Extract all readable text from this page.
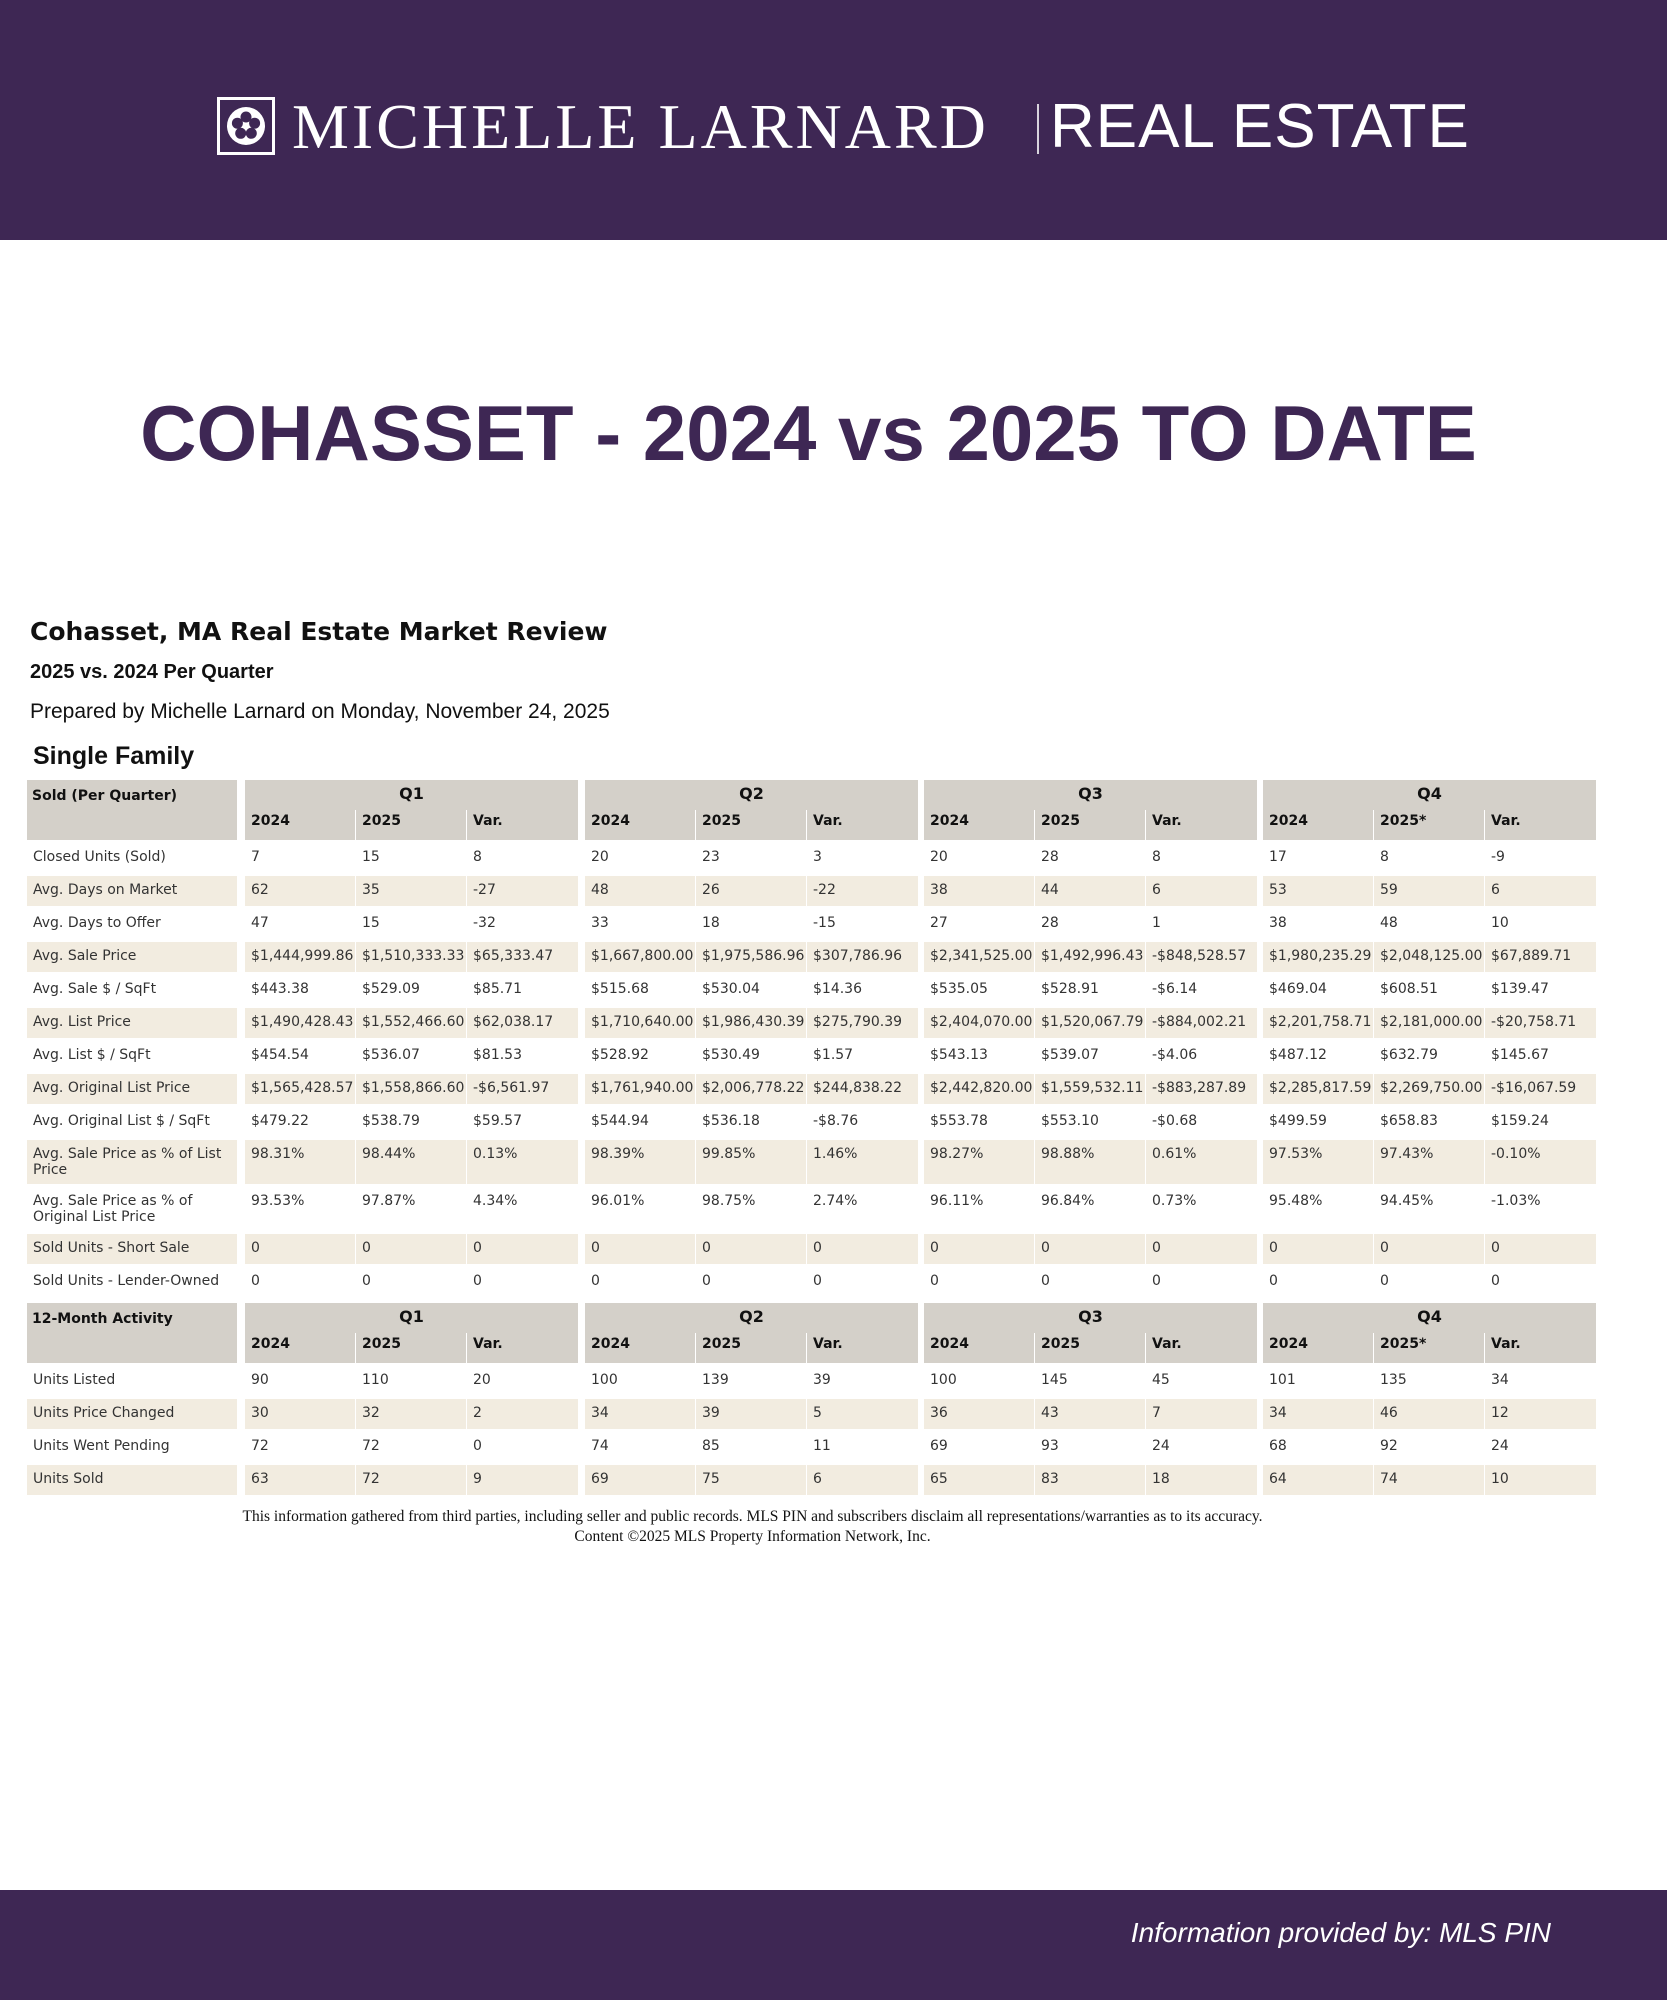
MICHELLE LARNARD REAL ESTATE
COHASSET - 2024 vs 2025 TO DATE
Cohasset, MA Real Estate Market Review
2025 vs. 2024 Per Quarter
Prepared by Michelle Larnard on Monday, November 24, 2025
Single Family
Sold (Per Quarter)	Q1
2024	2025	Var.
Q2
2024	2025	Var.
Q3
2024	2025	Var.
Q4
2024	2025*	Var.
Closed Units (Sold)	7	15	8	20	23	3	20	28	8	17	8	-9
Avg. Days on Market	62	35	-27	48	26	-22	38	44	6	53	59	6
Avg. Days to Offer	47	15	-32	33	18	-15	27	28	1	38	48	10
Avg. Sale Price	$1,444,999.86 $1,510,333.33 $65,333.47	$1,667,800.00 $1,975,586.96 $307,786.96	$2,341,525.00 $1,492,996.43 -$848,528.57	$1,980,235.29 $2,048,125.00 $67,889.71
Avg. Sale $ / SqFt	$443.38	$529.09	$85.71	$515.68	$530.04	$14.36	$535.05	$528.91	-$6.14	$469.04	$608.51	$139.47
Avg. List Price	$1,490,428.43 $1,552,466.60 $62,038.17	$1,710,640.00 $1,986,430.39 $275,790.39	$2,404,070.00 $1,520,067.79 -$884,002.21	$2,201,758.71 $2,181,000.00 -$20,758.71
Avg. List $ / SqFt	$454.54	$536.07	$81.53	$528.92	$530.49	$1.57	$543.13	$539.07	-$4.06	$487.12	$632.79	$145.67
Avg. Original List Price	$1,565,428.57 $1,558,866.60 -$6,561.97	$1,761,940.00 $2,006,778.22 $244,838.22	$2,442,820.00 $1,559,532.11 -$883,287.89	$2,285,817.59 $2,269,750.00 -$16,067.59
Avg. Original List $ / SqFt	$479.22	$538.79	$59.57	$544.94	$536.18	-$8.76	$553.78	$553.10	-$0.68	$499.59	$658.83	$159.24
Avg. Sale Price as % of List Price
98.31%	98.44%	0.13%	98.39%	99.85%	1.46%	98.27%	98.88%	0.61%	97.53%	97.43%	-0.10%
Avg. Sale Price as % of Original List Price
93.53%	97.87%	4.34%	96.01%	98.75%	2.74%	96.11%	96.84%	0.73%	95.48%	94.45%	-1.03%
Sold Units - Short Sale	0	0	0	0	0	0	0	0	0	0	0	0
Sold Units - Lender-Owned	0	0	0	0	0	0	0	0	0	0	0	0
12-Month Activity	Q1
2024	2025	Var.
Q2
2024	2025	Var.
Q3
2024	2025	Var.
Q4
2024	2025*	Var.
Units Listed	90	110	20	100	139	39	100	145	45	101	135	34
Units Price Changed	30	32	2	34	39	5	36	43	7	34	46	12
Units Went Pending	72	72	0	74	85	11	69	93	24	68	92	24
Units Sold	63	72	9	69	75	6	65	83	18	64	74	10
This information gathered from third parties, including seller and public records. MLS PIN and subscribers disclaim all representations/warranties as to its accuracy. Content ©2025 MLS Property Information Network, Inc.
Information provided by: MLS PIN
